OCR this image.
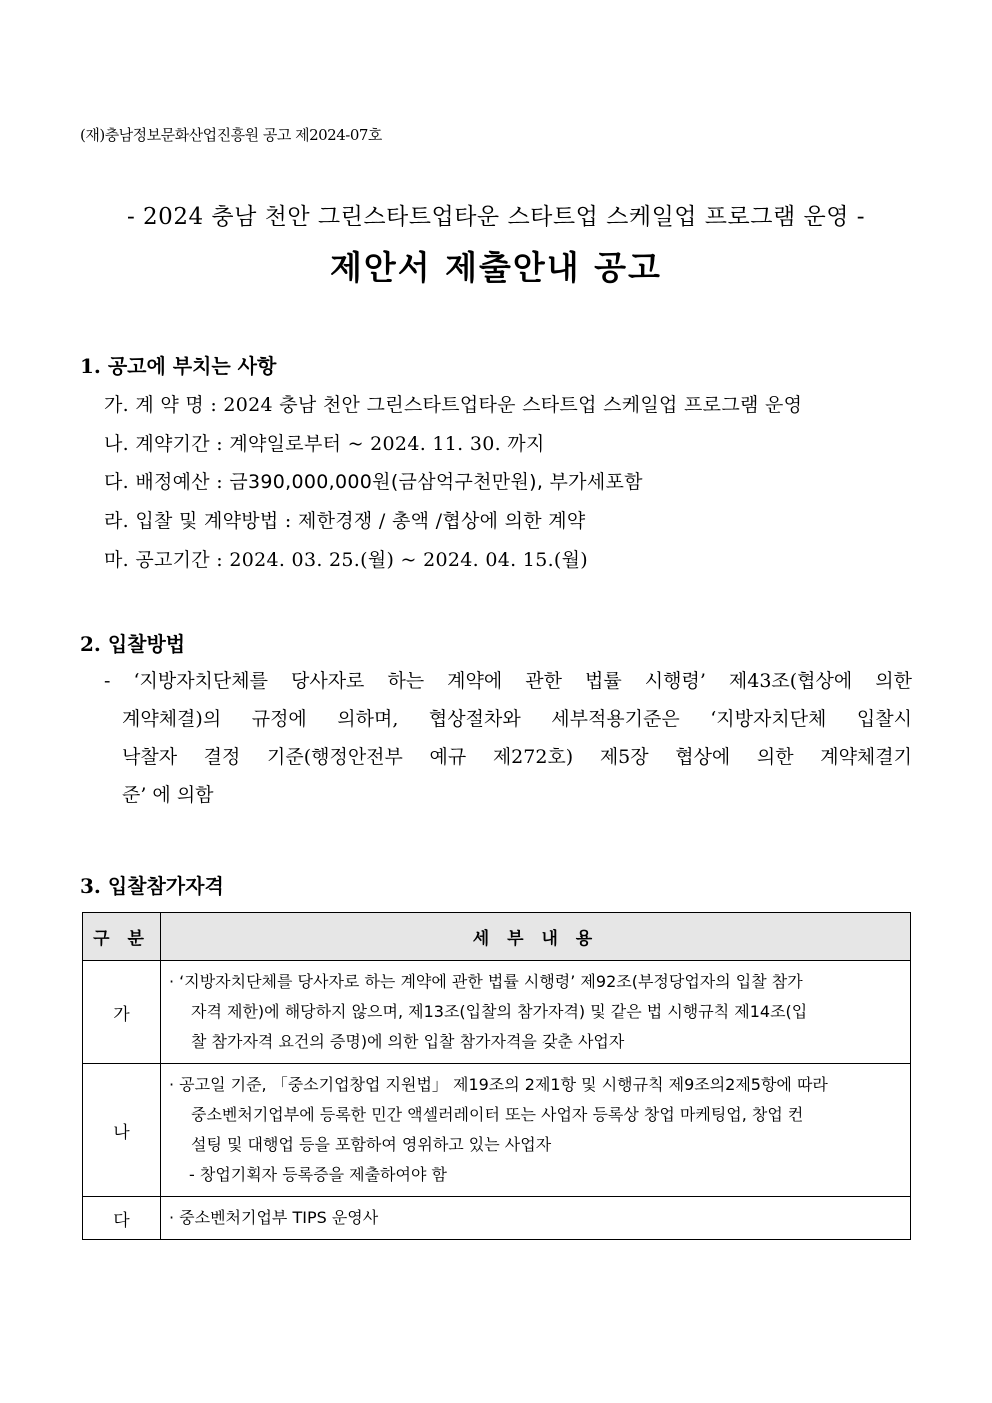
(재)충남정보문화산업진흥원 공고 제2024-07호
- 2024 충남 천안 그린스타트업타운 스타트업 스케일업 프로그램 운영 -
제안서 제출안내 공고
1. 공고에 부치는 사항
가. 계 약 명 : 2024 충남 천안 그린스타트업타운 스타트업 스케일업 프로그램 운영
나. 계약기간 : 계약일로부터 ~ 2024. 11. 30. 까지
다. 배정예산 : 금390,000,000원(금삼억구천만원), 부가세포함
라. 입찰 및 계약방법 : 제한경쟁 / 총액 /협상에 의한 계약
마. 공고기간 : 2024. 03. 25.(월) ~ 2024. 04. 15.(월)
2. 입찰방법
- ‘지방자치단체를 당사자로 하는 계약에 관한 법률 시행령’ 제43조(협상에 의한
계약체결)의 규정에 의하며, 협상절차와 세부적용기준은 ‘지방자치단체 입찰시
낙찰자 결정 기준(행정안전부 예규 제272호) 제5장 협상에 의한 계약체결기
준’ 에 의함
3. 입찰참가자격
구 분	세 부 내 용
가	· ‘지방자치단체를 당사자로 하는 계약에 관한 법률 시행령’ 제92조(부정당업자의 입찰 참가
자격 제한)에 해당하지 않으며, 제13조(입찰의 참가자격) 및 같은 법 시행규칙 제14조(입
찰 참가자격 요건의 증명)에 의한 입찰 참가자격을 갖춘 사업자

나	· 공고일 기준, 「중소기업창업 지원법」 제19조의 2제1항 및 시행규칙 제9조의2제5항에 따라
중소벤처기업부에 등록한 민간 액셀러레이터 또는 사업자 등록상 창업 마케팅업, 창업 컨
설팅 및 대행업 등을 포함하여 영위하고 있는 사업자
- 창업기획자 등록증을 제출하여야 함

다	· 중소벤처기업부 TIPS 운영사
